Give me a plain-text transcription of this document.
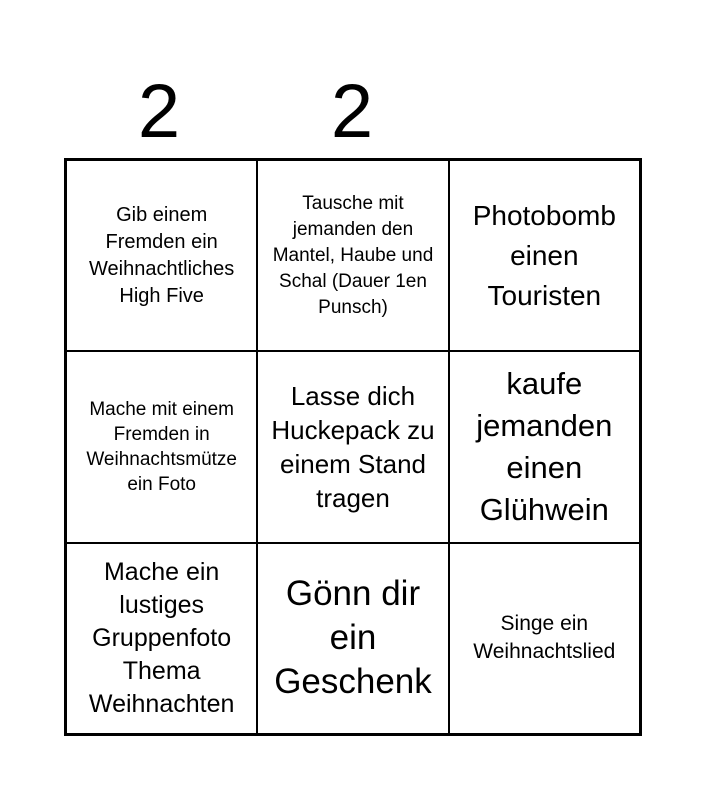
2 2
Gib einem Fremden ein Weihnachtliches High Five
Tausche mit jemanden den Mantel, Haube und Schal (Dauer 1en Punsch)
Photobomb einen Touristen
Mache mit einem Fremden in Weihnachtsmütze ein Foto
Lasse dich Huckepack zu einem Stand tragen
kaufe jemanden einen Glühwein
Mache ein lustiges Gruppenfoto Thema Weihnachten
Gönn dir ein Geschenk
Singe ein Weihnachtslied
